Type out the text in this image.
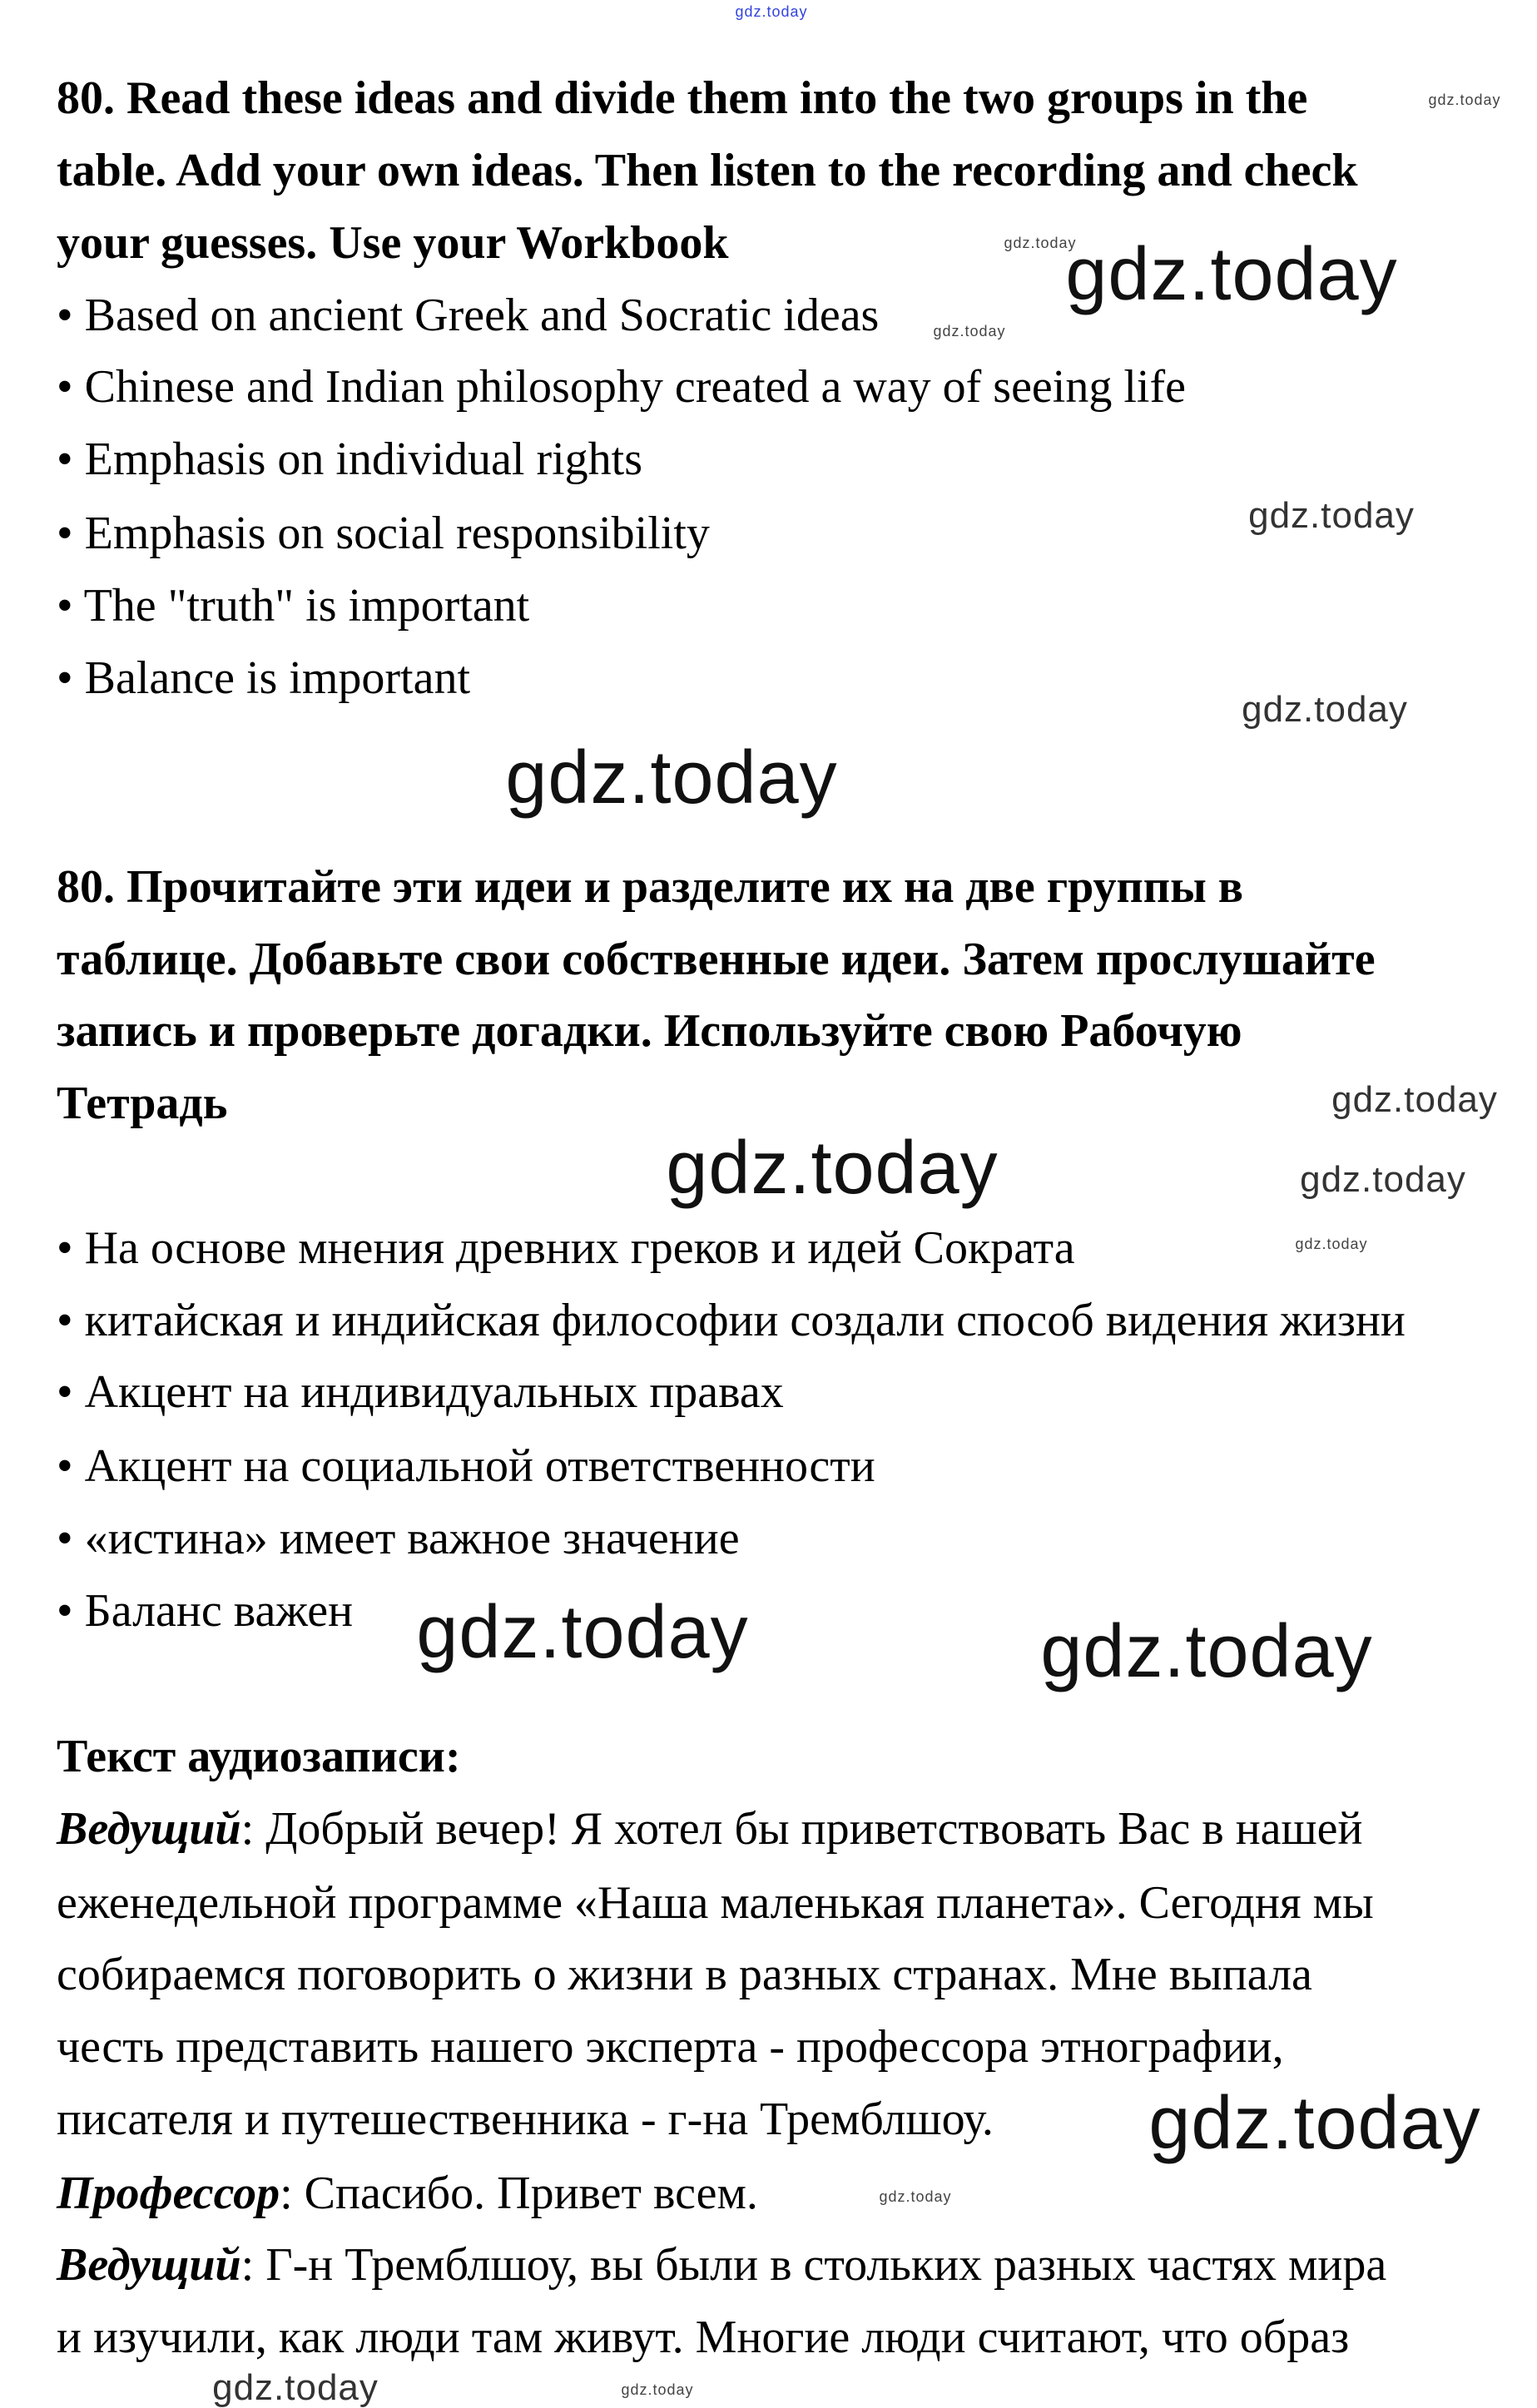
80. Read these ideas and divide them into the two groups in the
table. Add your own ideas. Then listen to the recording and check
your guesses. Use your Workbook
• Based on ancient Greek and Socratic ideas
• Chinese and Indian philosophy created a way of seeing life
• Emphasis on individual rights
• Emphasis on social responsibility
• The "truth" is important
• Balance is important
80. Прочитайте эти идеи и разделите их на две группы в
таблице. Добавьте свои собственные идеи. Затем прослушайте
запись и проверьте догадки. Используйте свою Рабочую
Тетрадь
• На основе мнения древних греков и идей Сократа
• китайская и индийская философии создали способ видения жизни
• Акцент на индивидуальных правах
• Акцент на социальной ответственности
• «истина» имеет важное значение
• Баланс важен
Текст аудиозаписи:
Ведущий: Добрый вечер! Я хотел бы приветствовать Вас в нашей
еженедельной программе «Наша маленькая планета». Сегодня мы
собираемся поговорить о жизни в разных странах. Мне выпала
честь представить нашего эксперта - профессора этнографии,
писателя и путешественника - г-на Тремблшоу.
Профессор: Спасибо. Привет всем.
Ведущий: Г-н Тремблшоу, вы были в стольких разных частях мира
и изучили, как люди там живут. Многие люди считают, что образ
gdz.today
gdz.today
gdz.today
gdz.today
gdz.today
gdz.today
gdz.today
gdz.today
gdz.today
gdz.today
gdz.today
gdz.today
gdz.today	gdz.today
gdz.today
gdz.today
gdz.today	gdz.today
